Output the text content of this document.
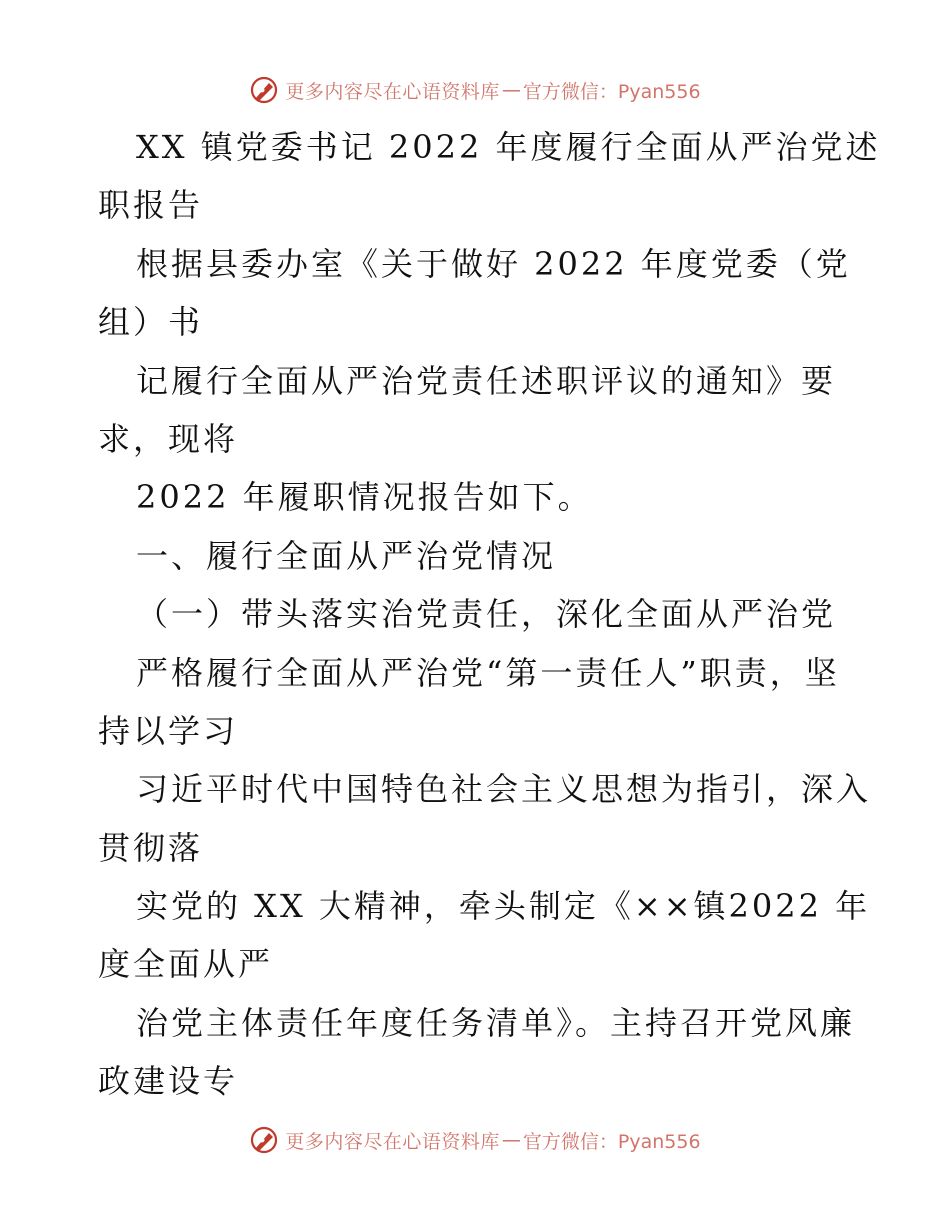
更多内容尽在心语资料库 — 官方微信：Pyan556
XX 镇党委书记 2022 年度履行全面从严治党述
职报告
根据县委办室《关于做好 2022 年度党委（党
组）书
记履行全面从严治党责任述职评议的通知》要
求，现将
2022 年履职情况报告如下。
一、履行全面从严治党情况
（一）带头落实治党责任，深化全面从严治党
严格履行全面从严治党“第一责任人”职责，坚
持以学习
习近平时代中国特色社会主义思想为指引，深入
贯彻落
实党的 XX 大精神，牵头制定《××镇2022 年
度全面从严
治党主体责任年度任务清单》。主持召开党风廉
政建设专
更多内容尽在心语资料库 — 官方微信：Pyan556
